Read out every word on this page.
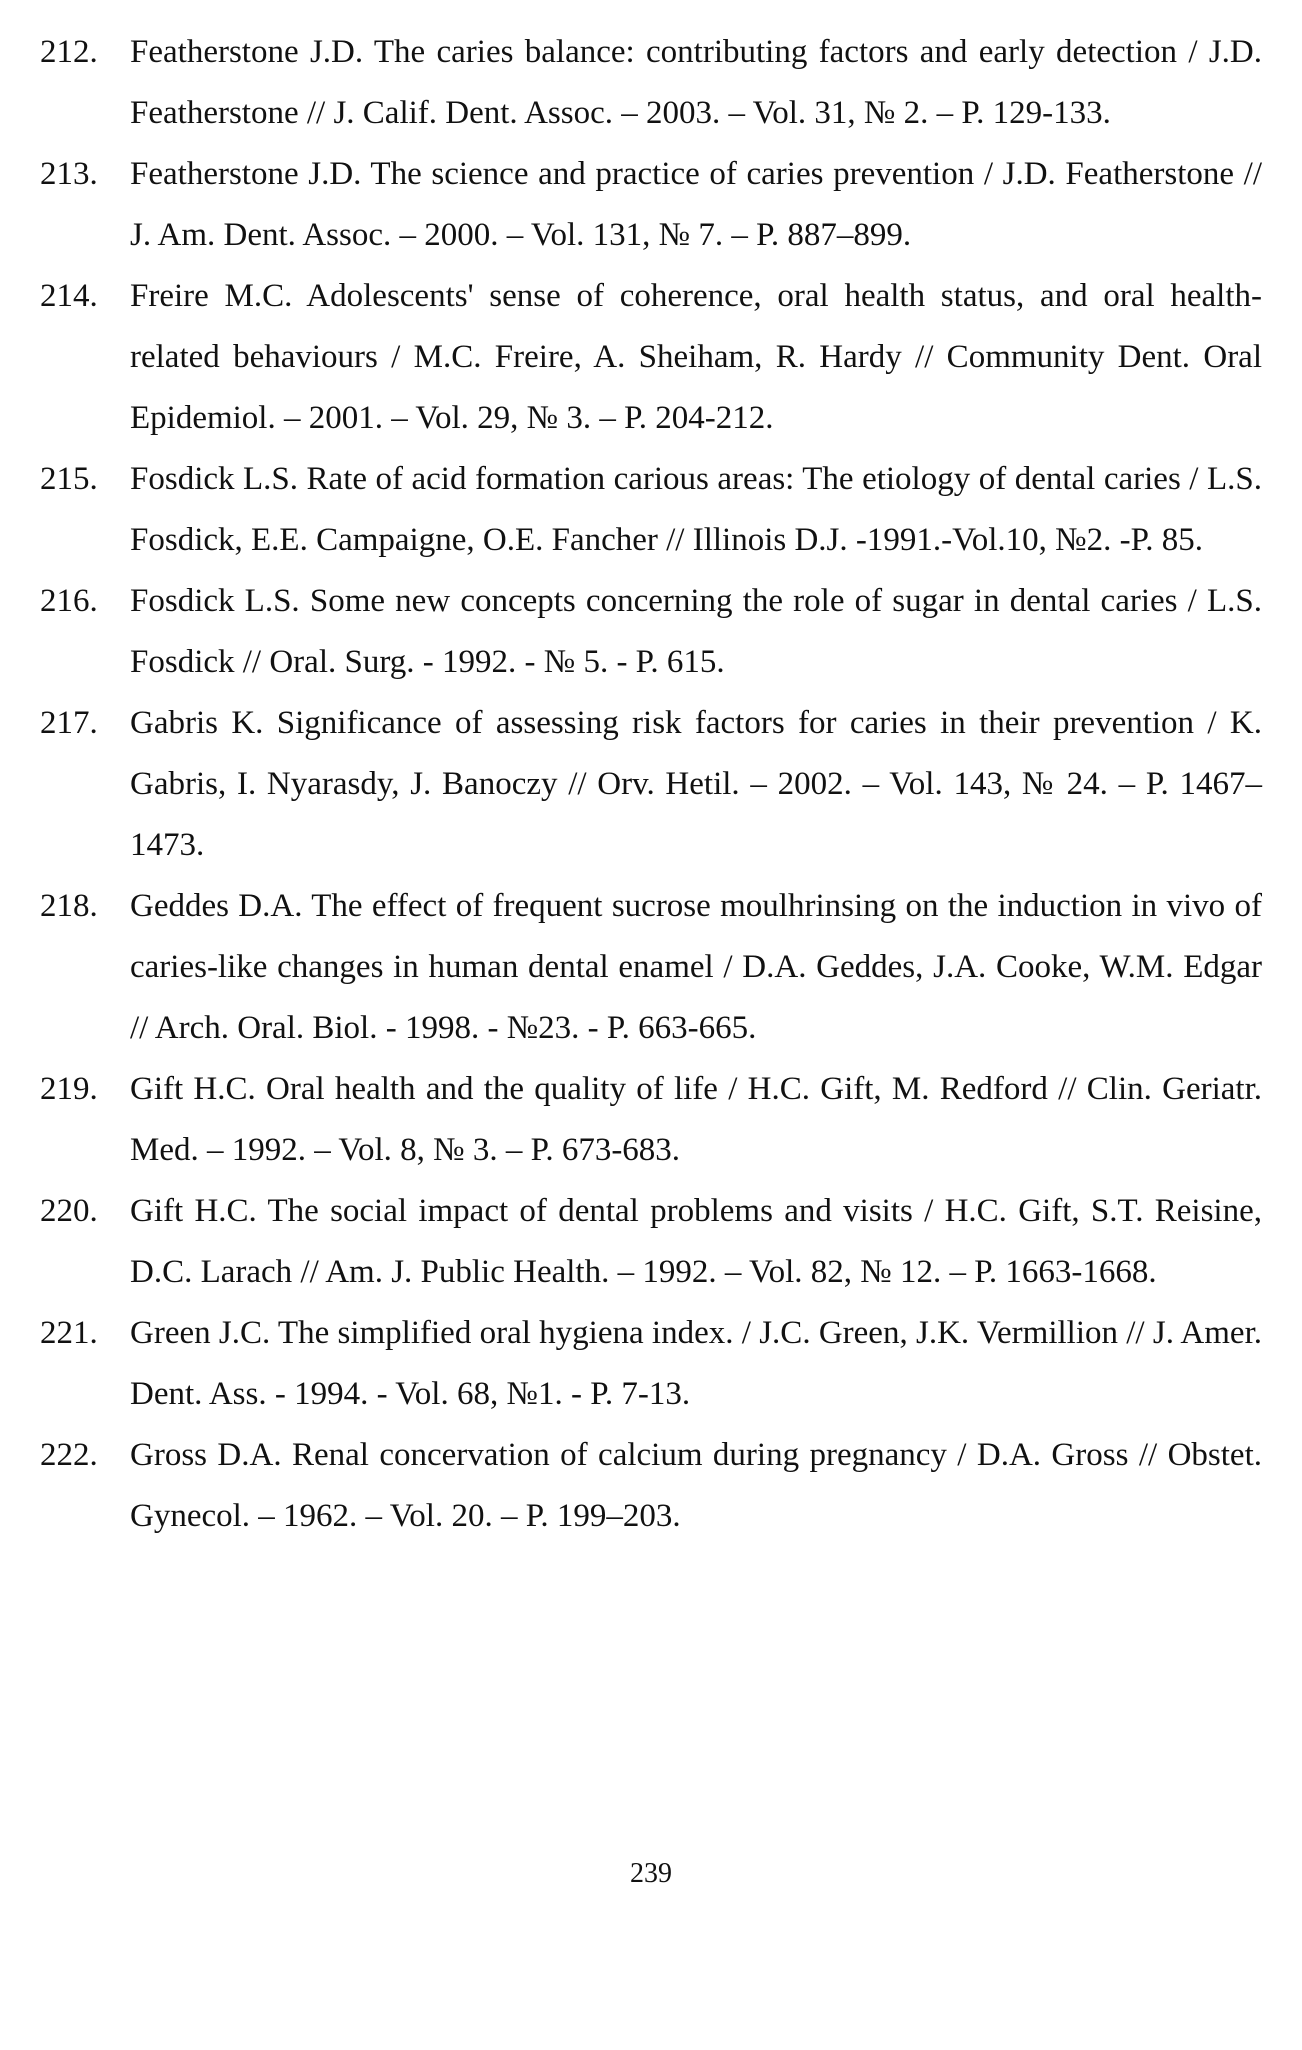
212. Featherstone J.D. The caries balance: contributing factors and early detection / J.D. Featherstone // J. Calif. Dent. Assoc. – 2003. – Vol. 31, № 2. – P. 129-133.
213. Featherstone J.D. The science and practice of caries prevention / J.D. Featherstone // J. Am. Dent. Assoc. – 2000. – Vol. 131, № 7. – P. 887–899.
214. Freire M.C. Adolescents' sense of coherence, oral health status, and oral health-related behaviours / M.C. Freire, A. Sheiham, R. Hardy // Community Dent. Oral Epidemiol. – 2001. – Vol. 29, № 3. – P. 204-212.
215. Fosdick L.S. Rate of acid formation carious areas: The etiology of dental caries / L.S. Fosdick, E.E. Campaigne, O.E. Fancher // Illinois D.J. -1991.-Vol.10, №2. -P. 85.
216. Fosdick L.S. Some new concepts concerning the role of sugar in dental caries / L.S. Fosdick // Oral. Surg. - 1992. - № 5. - P. 615.
217. Gabris K. Significance of assessing risk factors for caries in their prevention / K. Gabris, I. Nyarasdy, J. Banoczy // Orv. Hetil. – 2002. – Vol. 143, № 24. – P. 1467–1473.
218. Geddes D.A. The effect of frequent sucrose moulhrinsing on the induction in vivo of caries-like changes in human dental enamel / D.A. Geddes, J.A. Cooke, W.M. Edgar // Arch. Oral. Biol. - 1998. - №23. - P. 663-665.
219. Gift H.C. Oral health and the quality of life / H.C. Gift, M. Redford // Clin. Geriatr. Med. – 1992. – Vol. 8, № 3. – P. 673-683.
220. Gift H.C. The social impact of dental problems and visits / H.C. Gift, S.T. Reisine, D.C. Larach // Am. J. Public Health. – 1992. – Vol. 82, № 12. – P. 1663-1668.
221. Green J.C. The simplified oral hygiena index. / J.C. Green, J.K. Vermillion // J. Amer. Dent. Ass. - 1994. - Vol. 68, №1. - P. 7-13.
222. Gross D.A. Renal concervation of calcium during pregnancy / D.A. Gross // Obstet. Gynecol. – 1962. – Vol. 20. – P. 199–203.
239
